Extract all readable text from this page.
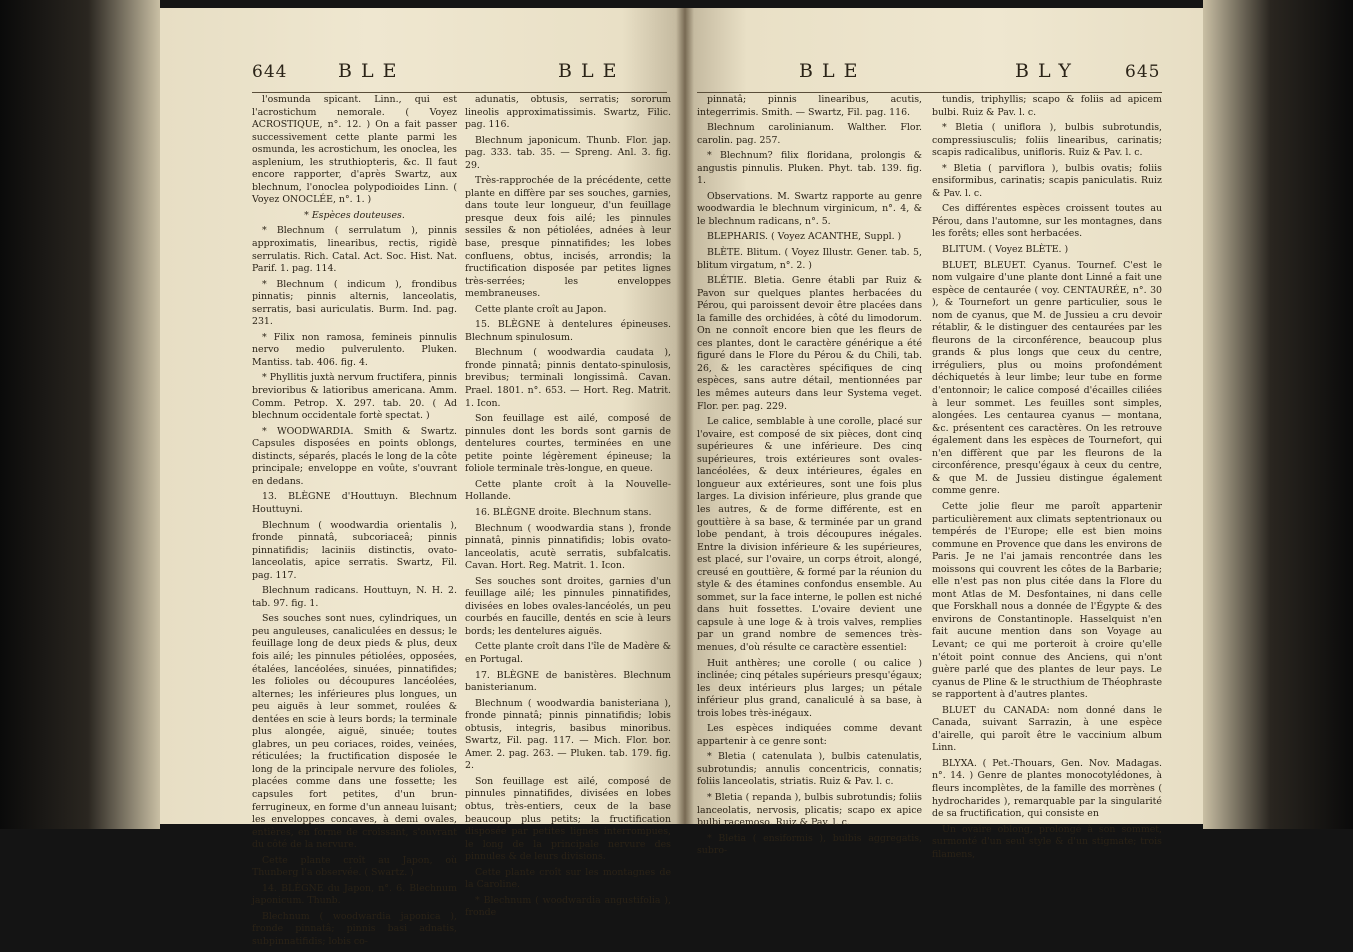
644	BLE	BLE

l'osmunda spicant. Linn., qui est l'acrostichum nemorale. ( Voyez ACROSTIQUE, n°. 12. ) On a fait passer successivement cette plante parmi les osmunda, les acrostichum, les onoclea, les asplenium, les struthiopteris, &c. Il faut encore rapporter, d'après Swartz, aux blechnum, l'onoclea polypodioides Linn. ( Voyez ONOCLÉE, n°. 1. )

* Espèces douteuses.

* Blechnum ( serrulatum ), pinnis approximatis, linearibus, rectis, rigidè serrulatis. Rich. Catal. Act. Soc. Hist. Nat. Parif. 1. pag. 114.

* Blechnum ( indicum ), frondibus pinnatis; pinnis alternis, lanceolatis, serratis, basi auriculatis. Burm. Ind. pag. 231.

* Filix non ramosa, femineis pinnulis nervo medio pulverulento. Pluken. Mantiss. tab. 406. fig. 4.

* Phyllitis juxtà nervum fructifera, pinnis brevioribus & latioribus americana. Amm. Comm. Petrop. X. 297. tab. 20. ( Ad blechnum occidentale fortè spectat. )

* WOODWARDIA. Smith & Swartz. Capsules disposées en points oblongs, distincts, séparés, placés le long de la côte principale; enveloppe en voûte, s'ouvrant en dedans.

13. BLÈGNE d'Houttuyn. Blechnum Houttuyni.

Blechnum ( woodwardia orientalis ), fronde pinnatâ, subcoriaceâ; pinnis pinnatifidis; laciniis distinctis, ovato-lanceolatis, apice serratis. Swartz, Fil. pag. 117.

Blechnum radicans. Houttuyn, N. H. 2. tab. 97. fig. 1.

Ses souches sont nues, cylindriques, un peu anguleuses, canaliculées en dessus; le feuillage long de deux pieds & plus, deux fois ailé; les pinnules pétiolées, opposées, étalées, lancéolées, sinuées, pinnatifides; les folioles ou découpures lancéolées, alternes; les inférieures plus longues, un peu aiguës à leur sommet, roulées & dentées en scie à leurs bords; la terminale plus alongée, aiguë, sinuée; toutes glabres, un peu coriaces, roides, veinées, réticulées; la fructification disposée le long de la principale nervure des folioles, placées comme dans une fossette; les capsules fort petites, d'un brun-ferrugineux, en forme d'un anneau luisant; les enveloppes concaves, à demi ovales, entières, en forme de croissant, s'ouvrant du côté de la nervure.

Cette plante croît au Japon, où Thunberg l'a observée. ( Swartz. )

14. BLÈGNE du Japon, n°. 6. Blechnum japonicum. Thunb.

Blechnum ( woodwardia japonica ), fronde pinnatâ; pinnis basi adnatis, subpinnatifidis; lobis co-

adunatis, obtusis, serratis; sororum lineolis approximatissimis. Swartz, Filic. pag. 116.

Blechnum japonicum. Thunb. Flor. jap. pag. 333. tab. 35. — Spreng. Anl. 3. fig. 29.

Très-rapprochée de la précédente, cette plante en diffère par ses souches, garnies, dans toute leur longueur, d'un feuillage presque deux fois ailé; les pinnules sessiles & non pétiolées, adnées à leur base, presque pinnatifides; les lobes confluens, obtus, incisés, arrondis; la fructification disposée par petites lignes très-serrées; les enveloppes membraneuses.

Cette plante croît au Japon.

15. BLÈGNE à dentelures épineuses. Blechnum spinulosum.

Blechnum ( woodwardia caudata ), fronde pinnatâ; pinnis dentato-spinulosis, brevibus; terminali longissimâ. Cavan. Prael. 1801. n°. 653. — Hort. Reg. Matrit. 1. Icon.

Son feuillage est ailé, composé de pinnules dont les bords sont garnis de dentelures courtes, terminées en une petite pointe légèrement épineuse; la foliole terminale très-longue, en queue.

Cette plante croît à la Nouvelle-Hollande.

16. BLÈGNE droite. Blechnum stans.

Blechnum ( woodwardia stans ), fronde pinnatâ, pinnis pinnatifidis; lobis ovato-lanceolatis, acutè serratis, subfalcatis. Cavan. Hort. Reg. Matrit. 1. Icon.

Ses souches sont droites, garnies d'un feuillage ailé; les pinnules pinnatifides, divisées en lobes ovales-lancéolés, un peu courbés en faucille, dentés en scie à leurs bords; les dentelures aiguës.

Cette plante croît dans l'île de Madère & en Portugal.

17. BLÈGNE de banistères. Blechnum banisterianum.

Blechnum ( woodwardia banisteriana ), fronde pinnatâ; pinnis pinnatifidis; lobis obtusis, integris, basibus minoribus. Swartz, Fil. pag. 117. — Mich. Flor. bor. Amer. 2. pag. 263. — Pluken. tab. 179. fig. 2.

Son feuillage est ailé, composé de pinnules pinnatifides, divisées en lobes obtus, très-entiers, ceux de la base beaucoup plus petits; la fructification disposée par petites lignes interrompues, le long de la principale nervure des pinnules & de leurs divisions.

Cette plante croît sur les montagnes de la Caroline.

* Blechnum ( woodwardia angustifolia ), fronde

BLE	BLY	645

pinnatâ; pinnis linearibus, acutis, integerrimis. Smith. — Swartz, Fil. pag. 116.

Blechnum carolinianum. Walther. Flor. carolin. pag. 257.

* Blechnum? filix floridana, prolongis & angustis pinnulis. Pluken. Phyt. tab. 139. fig. 1.

Observations. M. Swartz rapporte au genre woodwardia le blechnum virginicum, n°. 4, & le blechnum radicans, n°. 5.

BLEPHARIS. ( Voyez ACANTHE, Suppl. )

BLÈTE. Blitum. ( Voyez Illustr. Gener. tab. 5, blitum virgatum, n°. 2. )

BLÉTIE. Bletia. Genre établi par Ruiz & Pavon sur quelques plantes herbacées du Pérou, qui paroissent devoir être placées dans la famille des orchidées, à côté du limodorum. On ne connoît encore bien que les fleurs de ces plantes, dont le caractère générique a été figuré dans le Flore du Pérou & du Chili, tab. 26, & les caractères spécifiques de cinq espèces, sans autre détail, mentionnées par les mêmes auteurs dans leur Systema veget. Flor. per. pag. 229.

Le calice, semblable à une corolle, placé sur l'ovaire, est composé de six pièces, dont cinq supérieures & une inférieure. Des cinq supérieures, trois extérieures sont ovales-lancéolées, & deux intérieures, égales en longueur aux extérieures, sont une fois plus larges. La division inférieure, plus grande que les autres, & de forme différente, est en gouttière à sa base, & terminée par un grand lobe pendant, à trois découpures inégales. Entre la division inférieure & les supérieures, est placé, sur l'ovaire, un corps étroit, alongé, creusé en gouttière, & formé par la réunion du style & des étamines confondus ensemble. Au sommet, sur la face interne, le pollen est niché dans huit fossettes. L'ovaire devient une capsule à une loge & à trois valves, remplies par un grand nombre de semences très-menues, d'où résulte ce caractère essentiel:

Huit anthères; une corolle ( ou calice ) inclinée; cinq pétales supérieurs presqu'égaux; les deux intérieurs plus larges; un pétale inférieur plus grand, canaliculé à sa base, à trois lobes très-inégaux.

Les espèces indiquées comme devant appartenir à ce genre sont:

* Bletia ( catenulata ), bulbis catenulatis, subrotundis; annulis concentricis, connatis; foliis lanceolatis, striatis. Ruiz & Pav. l. c.

* Bletia ( repanda ), bulbis subrotundis; foliis lanceolatis, nervosis, plicatis; scapo ex apice bulbi racemoso. Ruiz & Pav. l. c.

* Bletia ( ensiformis ), bulbis aggregatis, subro-

tundis, triphyllis; scapo & foliis ad apicem bulbi. Ruiz & Pav. l. c.

* Bletia ( uniflora ), bulbis subrotundis, compressiusculis; foliis linearibus, carinatis; scapis radicalibus, unifloris. Ruiz & Pav. l. c.

* Bletia ( parviflora ), bulbis ovatis; foliis ensiformibus, carinatis; scapis paniculatis. Ruiz & Pav. l. c.

Ces différentes espèces croissent toutes au Pérou, dans l'automne, sur les montagnes, dans les forêts; elles sont herbacées.

BLITUM. ( Voyez BLÈTE. )

BLUET, BLEUET. Cyanus. Tournef. C'est le nom vulgaire d'une plante dont Linné a fait une espèce de centaurée ( voy. CENTAURÉE, n°. 30 ), & Tournefort un genre particulier, sous le nom de cyanus, que M. de Jussieu a cru devoir rétablir, & le distinguer des centaurées par les fleurons de la circonférence, beaucoup plus grands & plus longs que ceux du centre, irréguliers, plus ou moins profondément déchiquetés à leur limbe; leur tube en forme d'entonnoir; le calice composé d'écailles ciliées à leur sommet. Les feuilles sont simples, alongées. Les centaurea cyanus — montana, &c. présentent ces caractères. On les retrouve également dans les espèces de Tournefort, qui n'en diffèrent que par les fleurons de la circonférence, presqu'égaux à ceux du centre, & que M. de Jussieu distingue également comme genre.

Cette jolie fleur me paroît appartenir particulièrement aux climats septentrionaux ou tempérés de l'Europe; elle est bien moins commune en Provence que dans les environs de Paris. Je ne l'ai jamais rencontrée dans les moissons qui couvrent les côtes de la Barbarie; elle n'est pas non plus citée dans la Flore du mont Atlas de M. Desfontaines, ni dans celle que Forskhall nous a donnée de l'Égypte & des environs de Constantinople. Hasselquist n'en fait aucune mention dans son Voyage au Levant; ce qui me porteroit à croire qu'elle n'étoit point connue des Anciens, qui n'ont guère parlé que des plantes de leur pays. Le cyanus de Pline & le structhium de Théophraste se rapportent à d'autres plantes.

BLUET du CANADA: nom donné dans le Canada, suivant Sarrazin, à une espèce d'airelle, qui paroît être le vaccinium album Linn.

BLYXA. ( Pet.-Thouars, Gen. Nov. Madagas. n°. 14. ) Genre de plantes monocotylédones, à fleurs incomplètes, de la famille des morrènes ( hydrocharides ), remarquable par la singularité de sa fructification, qui consiste en

Un ovaire oblong, prolongé à son sommet, surmonté d'un seul style & d'un stigmate; trois filamens,
